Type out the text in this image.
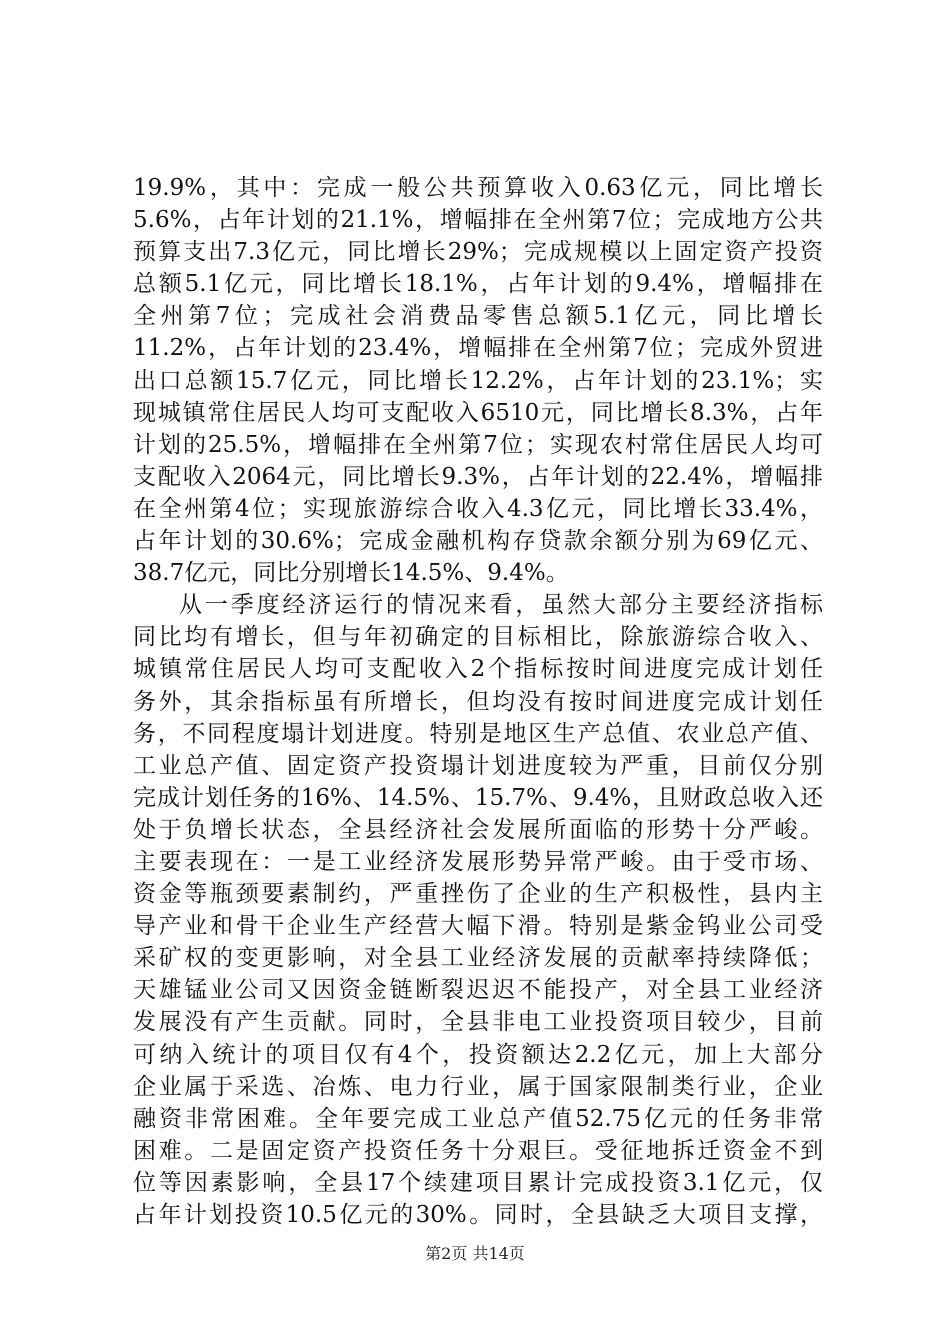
19.9%，其中：完成一般公共预算收入0.63亿元，同比增长
5.6%，占年计划的21.1%，增幅排在全州第7位；完成地方公共
预算支出7.3亿元，同比增长29%；完成规模以上固定资产投资
总额5.1亿元，同比增长18.1%，占年计划的9.4%，增幅排在
全州第7位；完成社会消费品零售总额5.1亿元，同比增长
11.2%，占年计划的23.4%，增幅排在全州第7位；完成外贸进
出口总额15.7亿元，同比增长12.2%，占年计划的23.1%；实
现城镇常住居民人均可支配收入6510元，同比增长8.3%，占年
计划的25.5%，增幅排在全州第7位；实现农村常住居民人均可
支配收入2064元，同比增长9.3%，占年计划的22.4%，增幅排
在全州第4位；实现旅游综合收入4.3亿元，同比增长33.4%，
占年计划的30.6%；完成金融机构存贷款余额分别为69亿元、
38.7亿元，同比分别增长14.5%、9.4%。
从一季度经济运行的情况来看，虽然大部分主要经济指标
同比均有增长，但与年初确定的目标相比，除旅游综合收入、
城镇常住居民人均可支配收入2个指标按时间进度完成计划任
务外，其余指标虽有所增长，但均没有按时间进度完成计划任
务，不同程度塌计划进度。特别是地区生产总值、农业总产值、
工业总产值、固定资产投资塌计划进度较为严重，目前仅分别
完成计划任务的16%、14.5%、15.7%、9.4%，且财政总收入还
处于负增长状态，全县经济社会发展所面临的形势十分严峻。
主要表现在：一是工业经济发展形势异常严峻。由于受市场、
资金等瓶颈要素制约，严重挫伤了企业的生产积极性，县内主
导产业和骨干企业生产经营大幅下滑。特别是紫金钨业公司受
采矿权的变更影响，对全县工业经济发展的贡献率持续降低；
天雄锰业公司又因资金链断裂迟迟不能投产，对全县工业经济
发展没有产生贡献。同时，全县非电工业投资项目较少，目前
可纳入统计的项目仅有4个，投资额达2.2亿元，加上大部分
企业属于采选、冶炼、电力行业，属于国家限制类行业，企业
融资非常困难。全年要完成工业总产值52.75亿元的任务非常
困难。二是固定资产投资任务十分艰巨。受征地拆迁资金不到
位等因素影响，全县17个续建项目累计完成投资3.1亿元，仅
占年计划投资10.5亿元的30%。同时，全县缺乏大项目支撑，
第2页 共14页
